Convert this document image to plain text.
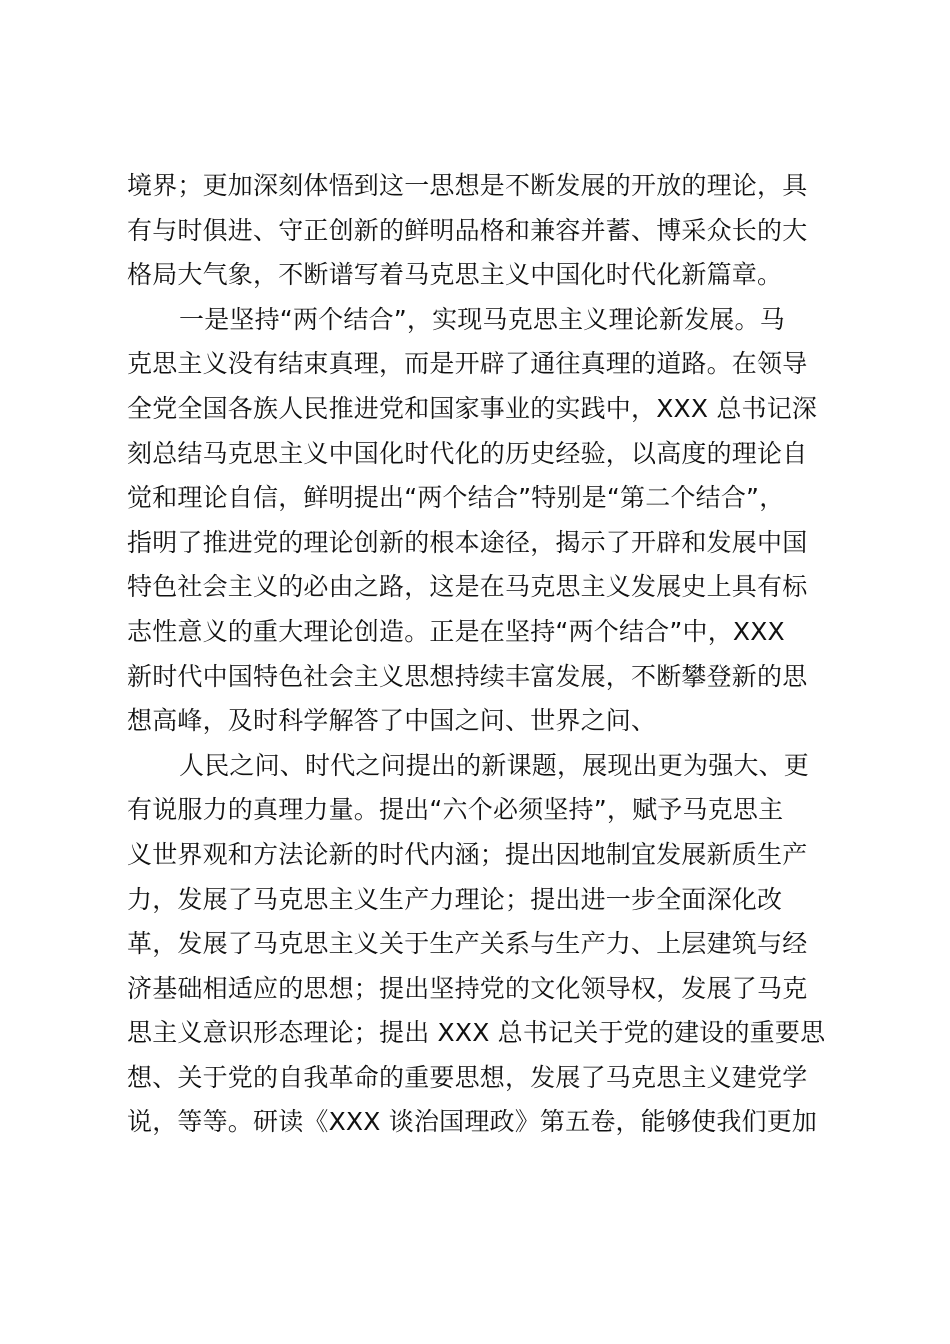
境界；更加深刻体悟到这一思想是不断发展的开放的理论，具
有与时俱进、守正创新的鲜明品格和兼容并蓄、博采众长的大
格局大气象，不断谱写着马克思主义中国化时代化新篇章。
一是坚持“两个结合”，实现马克思主义理论新发展。马
克思主义没有结束真理，而是开辟了通往真理的道路。在领导
全党全国各族人民推进党和国家事业的实践中，XXX 总书记深
刻总结马克思主义中国化时代化的历史经验，以高度的理论自
觉和理论自信，鲜明提出“两个结合”特别是“第二个结合”，
指明了推进党的理论创新的根本途径，揭示了开辟和发展中国
特色社会主义的必由之路，这是在马克思主义发展史上具有标
志性意义的重大理论创造。正是在坚持“两个结合”中，XXX
新时代中国特色社会主义思想持续丰富发展，不断攀登新的思
想高峰，及时科学解答了中国之问、世界之问、
人民之问、时代之问提出的新课题，展现出更为强大、更
有说服力的真理力量。提出“六个必须坚持”，赋予马克思主
义世界观和方法论新的时代内涵；提出因地制宜发展新质生产
力，发展了马克思主义生产力理论；提出进一步全面深化改
革，发展了马克思主义关于生产关系与生产力、上层建筑与经
济基础相适应的思想；提出坚持党的文化领导权，发展了马克
思主义意识形态理论；提出 XXX 总书记关于党的建设的重要思
想、关于党的自我革命的重要思想，发展了马克思主义建党学
说，等等。研读《XXX 谈治国理政》第五卷，能够使我们更加
